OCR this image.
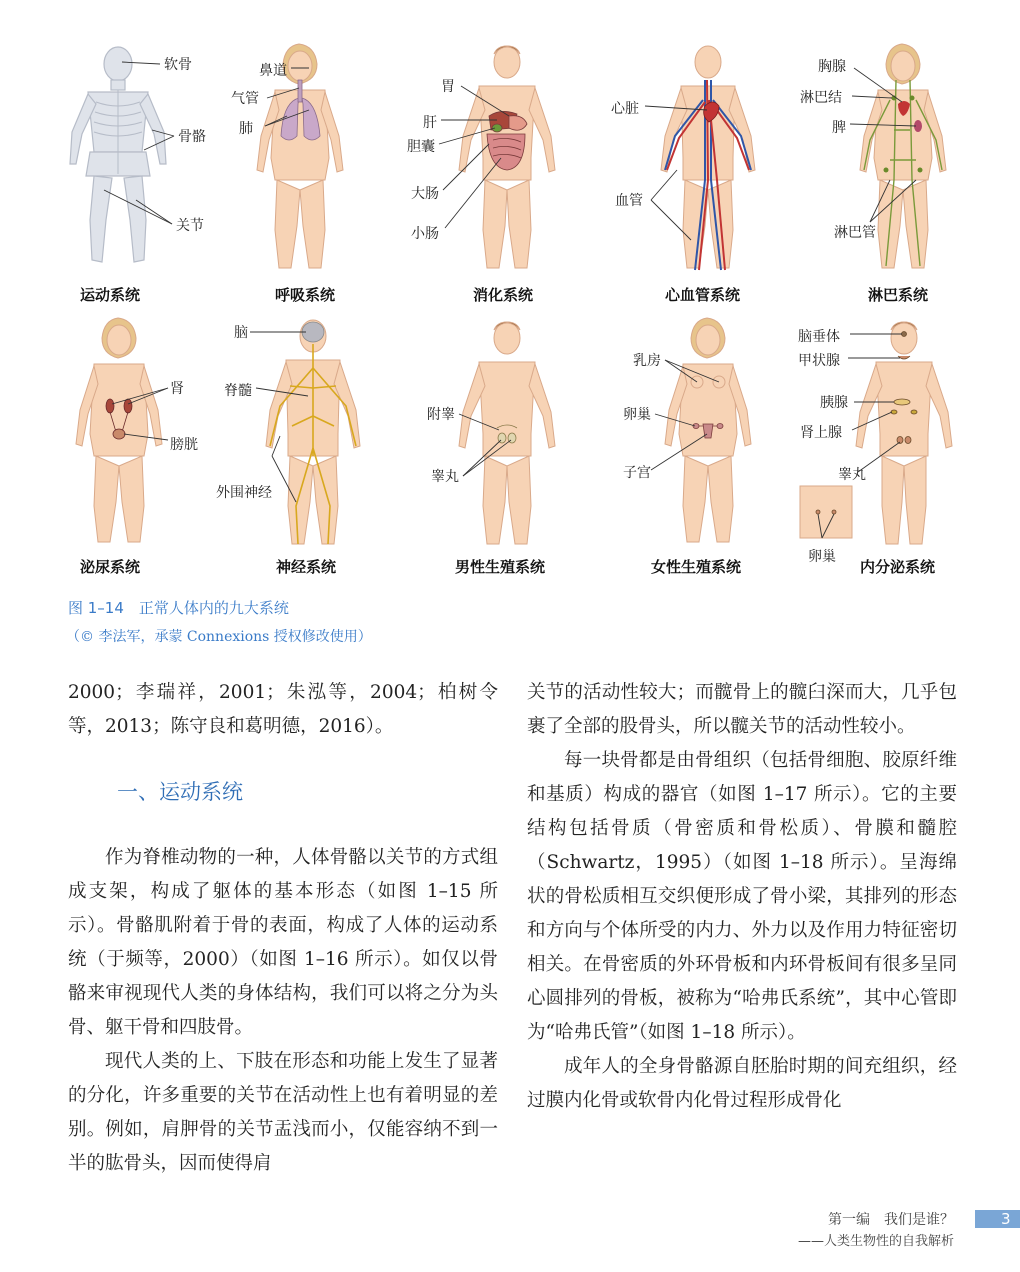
软骨
骨骼
关节
运动系统
鼻道
气管
肺
呼吸系统
胃
肝
胆囊
大肠
小肠
消化系统
心脏
血管
心血管系统
胸腺
淋巴结
脾
淋巴管
淋巴系统
肾
膀胱
泌尿系统
脑
脊髓
外围神经
神经系统
附睾
睾丸
男性生殖系统
乳房
卵巢
子宫
女性生殖系统
脑垂体
甲状腺
胰腺
肾上腺
睾丸
卵巢
内分泌系统
图 1–14　正常人体内的九大系统
（© 李法军，承蒙 Connexions 授权修改使用）

2000；李瑞祥，2001；朱泓等，2004；柏树令等，2013；陈守良和葛明德，2016）。

一、运动系统

作为脊椎动物的一种，人体骨骼以关节的方式组成支架，构成了躯体的基本形态（如图 1–15 所示）。骨骼肌附着于骨的表面，构成了人体的运动系统（于频等，2000）（如图 1–16 所示）。如仅以骨骼来审视现代人类的身体结构，我们可以将之分为头骨、躯干骨和四肢骨。

现代人类的上、下肢在形态和功能上发生了显著的分化，许多重要的关节在活动性上也有着明显的差别。例如，肩胛骨的关节盂浅而小，仅能容纳不到一半的肱骨头，因而使得肩

关节的活动性较大；而髋骨上的髋臼深而大，几乎包裹了全部的股骨头，所以髋关节的活动性较小。

每一块骨都是由骨组织（包括骨细胞、胶原纤维和基质）构成的器官（如图 1–17 所示）。它的主要结构包括骨质（骨密质和骨松质）、骨膜和髓腔（Schwartz，1995）（如图 1–18 所示）。呈海绵状的骨松质相互交织便形成了骨小梁，其排列的形态和方向与个体所受的内力、外力以及作用力特征密切相关。在骨密质的外环骨板和内环骨板间有很多呈同心圆排列的骨板，被称为“哈弗氏系统”，其中心管即为“哈弗氏管”（如图 1–18 所示）。

成年人的全身骨骼源自胚胎时期的间充组织，经过膜内化骨或软骨内化骨过程形成骨化

第一编　我们是谁？
——人类生物性的自我解析
3
